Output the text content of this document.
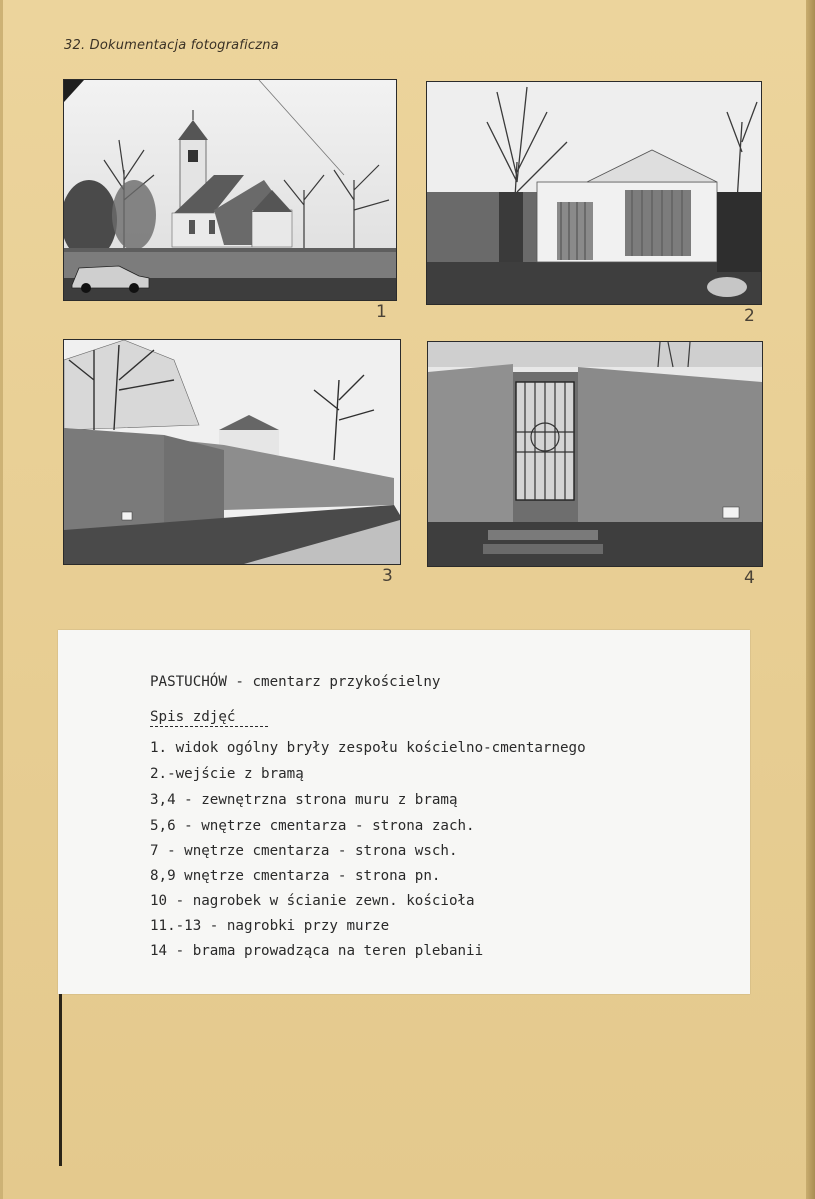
32. Dokumentacja fotograficzna
1	2
3	4
PASTUCHÓW - cmentarz przykościelny
Spis zdjęć
1. widok ogólny bryły zespołu kościelno-cmentarnego
2.-wejście z bramą
3,4 - zewnętrzna strona muru z bramą
5,6 - wnętrze cmentarza - strona zach.
7 - wnętrze cmentarza - strona wsch.
8,9 wnętrze cmentarza - strona pn.
10 - nagrobek w ścianie zewn. kościoła
11.-13 - nagrobki przy murze
14 - brama prowadząca na teren plebanii
